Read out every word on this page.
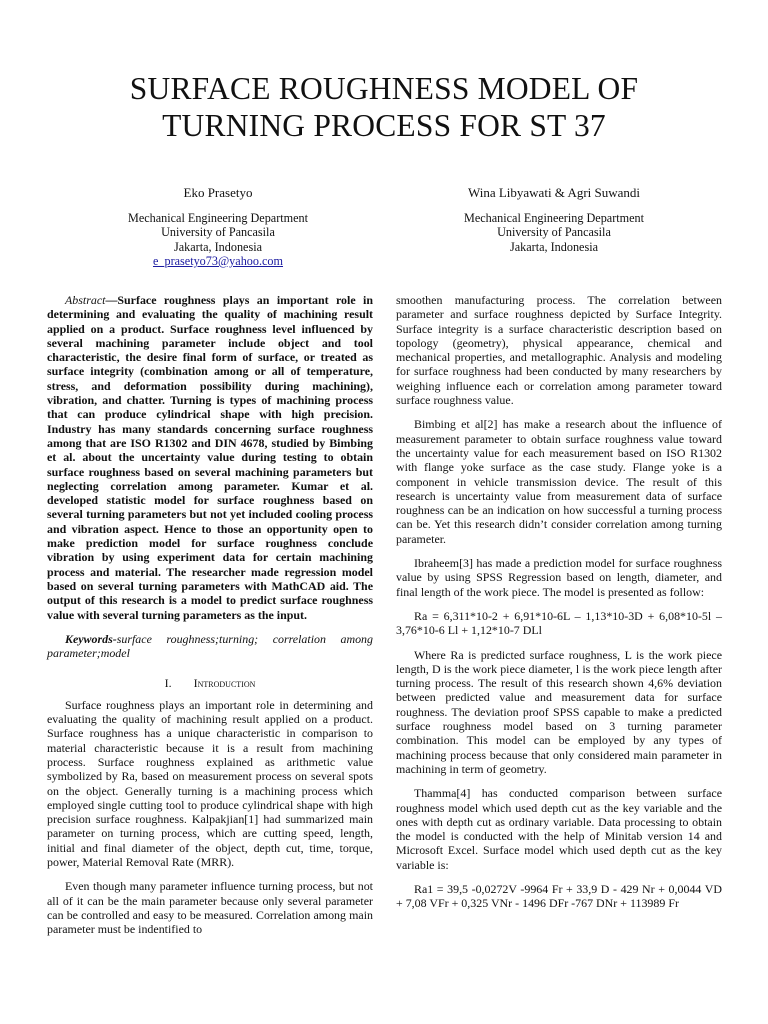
SURFACE ROUGHNESS MODEL OF
TURNING PROCESS FOR ST 37
Eko Prasetyo
Mechanical Engineering Department
University of Pancasila
Jakarta, Indonesia
e_prasetyo73@yahoo.com
Wina Libyawati & Agri Suwandi
Mechanical Engineering Department
University of Pancasila
Jakarta, Indonesia

Abstract—Surface roughness plays an important role in determining and evaluating the quality of machining result applied on a product. Surface roughness level influenced by several machining parameter include object and tool characteristic, the desire final form of surface, or treated as surface integrity (combination among or all of temperature, stress, and deformation possibility during machining), vibration, and chatter. Turning is types of machining process that can produce cylindrical shape with high precision. Industry has many standards concerning surface roughness among that are ISO R1302 and DIN 4678, studied by Bimbing et al. about the uncertainty value during testing to obtain surface roughness based on several machining parameters but neglecting correlation among parameter. Kumar et al. developed statistic model for surface roughness based on several turning parameters but not yet included cooling process and vibration aspect. Hence to those an opportunity open to make prediction model for surface roughness conclude vibration by using experiment data for certain machining process and material. The researcher made regression model based on several turning parameters with MathCAD aid. The output of this research is a model to predict surface roughness value with several turning parameters as the input.

Keywords-surface roughness;turning; correlation among parameter;model

I. Introduction

Surface roughness plays an important role in determining and evaluating the quality of machining result applied on a product. Surface roughness has a unique characteristic in comparison to material characteristic because it is a result from machining process. Surface roughness explained as arithmetic value symbolized by Ra, based on measurement process on several spots on the object. Generally turning is a machining process which employed single cutting tool to produce cylindrical shape with high precision surface roughness. Kalpakjian[1] had summarized main parameter on turning process, which are cutting speed, length, initial and final diameter of the object, depth cut, time, torque, power, Material Removal Rate (MRR).

Even though many parameter influence turning process, but not all of it can be the main parameter because only several parameter can be controlled and easy to be measured. Correlation among main parameter must be indentified to

smoothen manufacturing process. The correlation between parameter and surface roughness depicted by Surface Integrity. Surface integrity is a surface characteristic description based on topology (geometry), physical appearance, chemical and mechanical properties, and metallographic. Analysis and modeling for surface roughness had been conducted by many researchers by weighing influence each or correlation among parameter toward surface roughness value.

Bimbing et al[2] has make a research about the influence of measurement parameter to obtain surface roughness value toward the uncertainty value for each measurement based on ISO R1302 with flange yoke surface as the case study. Flange yoke is a component in vehicle transmission device. The result of this research is uncertainty value from measurement data of surface roughness can be an indication on how successful a turning process can be. Yet this research didn’t consider correlation among turning parameter.

Ibraheem[3] has made a prediction model for surface roughness value by using SPSS Regression based on length, diameter, and final length of the work piece. The model is presented as follow:

Ra = 6,311*10-2 + 6,91*10-6L – 1,13*10-3D + 6,08*10-5l – 3,76*10-6 Ll + 1,12*10-7 DLl

Where Ra is predicted surface roughness, L is the work piece length, D is the work piece diameter, l is the work piece length after turning process. The result of this research shown 4,6% deviation between predicted value and measurement data for surface roughness. The deviation proof SPSS capable to make a predicted surface roughness model based on 3 turning parameter combination. This model can be employed by any types of machining process because that only considered main parameter in machining in term of geometry.

Thamma[4] has conducted comparison between surface roughness model which used depth cut as the key variable and the ones with depth cut as ordinary variable. Data processing to obtain the model is conducted with the help of Minitab version 14 and Microsoft Excel. Surface model which used depth cut as the key variable is:

Ra1 = 39,5 -0,0272V -9964 Fr + 33,9 D - 429 Nr + 0,0044 VD + 7,08 VFr + 0,325 VNr - 1496 DFr -767 DNr + 113989 Fr
